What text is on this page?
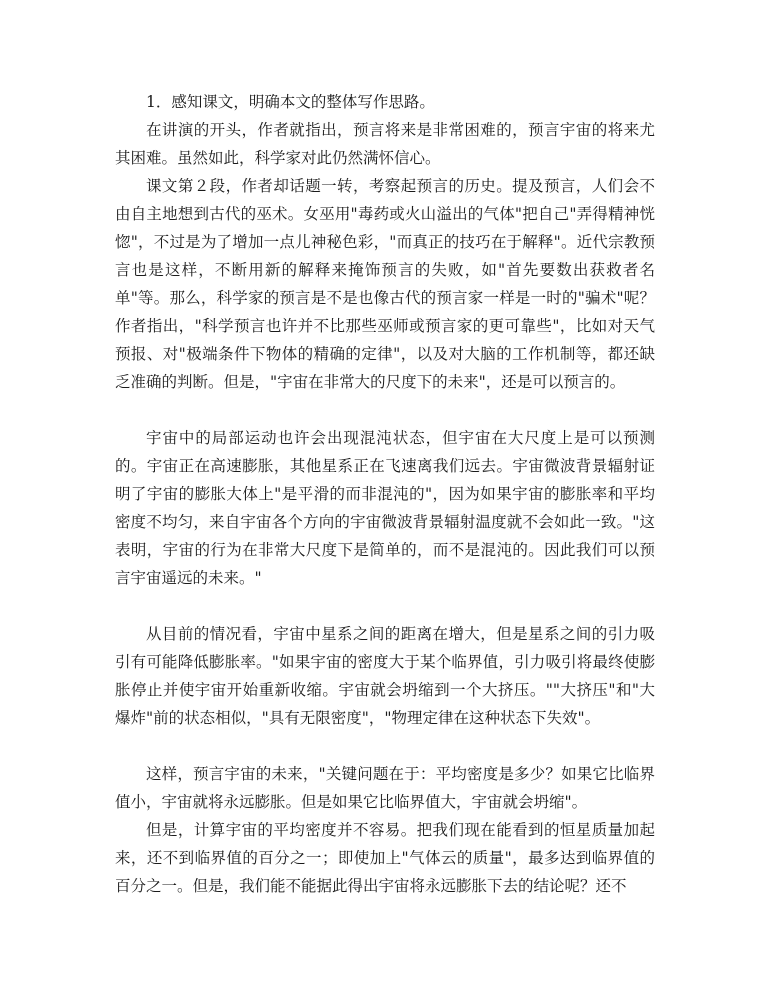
1．感知课文，明确本文的整体写作思路。

在讲演的开头，作者就指出，预言将来是非常困难的，预言宇宙的将来尤其困难。虽然如此，科学家对此仍然满怀信心。

课文第２段，作者却话题一转，考察起预言的历史。提及预言，人们会不由自主地想到古代的巫术。女巫用"毒药或火山溢出的气体"把自己"弄得精神恍惚"，不过是为了增加一点儿神秘色彩，"而真正的技巧在于解释"。近代宗教预言也是这样，不断用新的解释来掩饰预言的失败，如"首先要数出获救者名单"等。那么，科学家的预言是不是也像古代的预言家一样是一时的"骗术"呢？作者指出，"科学预言也许并不比那些巫师或预言家的更可靠些"，比如对天气预报、对"极端条件下物体的精确的定律"，以及对大脑的工作机制等，都还缺乏准确的判断。但是，"宇宙在非常大的尺度下的未来"，还是可以预言的。

宇宙中的局部运动也许会出现混沌状态，但宇宙在大尺度上是可以预测的。宇宙正在高速膨胀，其他星系正在飞速离我们远去。宇宙微波背景辐射证明了宇宙的膨胀大体上"是平滑的而非混沌的"，因为如果宇宙的膨胀率和平均密度不均匀，来自宇宙各个方向的宇宙微波背景辐射温度就不会如此一致。"这表明，宇宙的行为在非常大尺度下是简单的，而不是混沌的。因此我们可以预言宇宙遥远的未来。"

从目前的情况看，宇宙中星系之间的距离在增大，但是星系之间的引力吸引有可能降低膨胀率。"如果宇宙的密度大于某个临界值，引力吸引将最终使膨胀停止并使宇宙开始重新收缩。宇宙就会坍缩到一个大挤压。""大挤压"和"大爆炸"前的状态相似，"具有无限密度"，"物理定律在这种状态下失效"。

这样，预言宇宙的未来，"关键问题在于：平均密度是多少？如果它比临界值小，宇宙就将永远膨胀。但是如果它比临界值大，宇宙就会坍缩"。

但是，计算宇宙的平均密度并不容易。把我们现在能看到的恒星质量加起来，还不到临界值的百分之一；即使加上"气体云的质量"，最多达到临界值的百分之一。但是，我们能不能据此得出宇宙将永远膨胀下去的结论呢？还不
